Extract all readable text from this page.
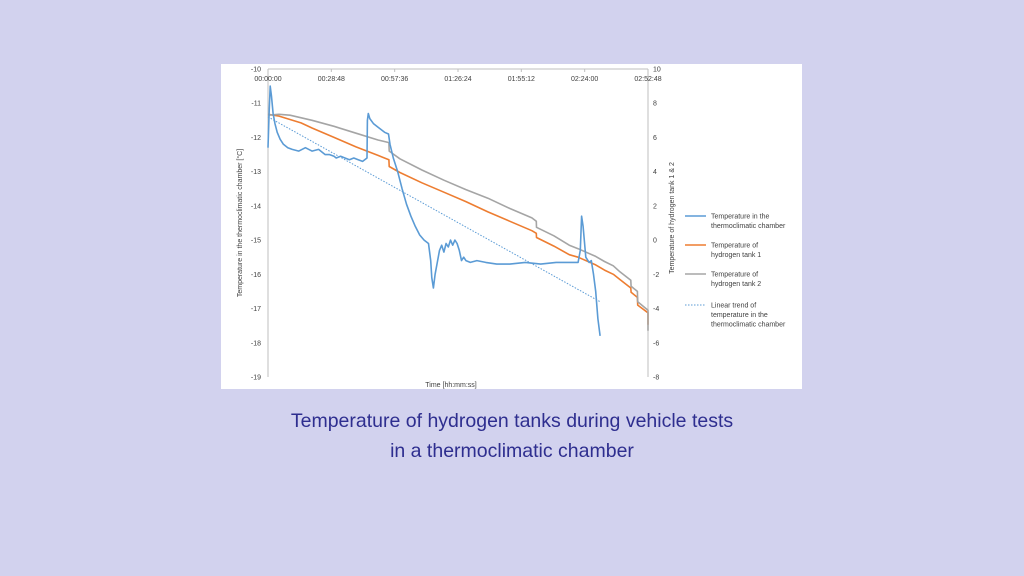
-10
-11
-12
-13
-14
-15
-16
-17
-18
-19
10
8
6
4
2
0
-2
-4
-6
-8
00:00:00	00:28:48	00:57:36	01:26:24	01:55:12	02:24:00	02:52:48
Time [hh:mm:ss]
Temperature in the thermoclimatic chamber [°C]	Temperature of hydrogen tank 1 & 2	Temperature in the thermoclimatic chamber
Temperature of hydrogen tank 1
Temperature of hydrogen tank 2
Linear trend of temperature in the thermoclimatic chamber
Temperature of hydrogen tanks during vehicle tests
in a thermoclimatic chamber
